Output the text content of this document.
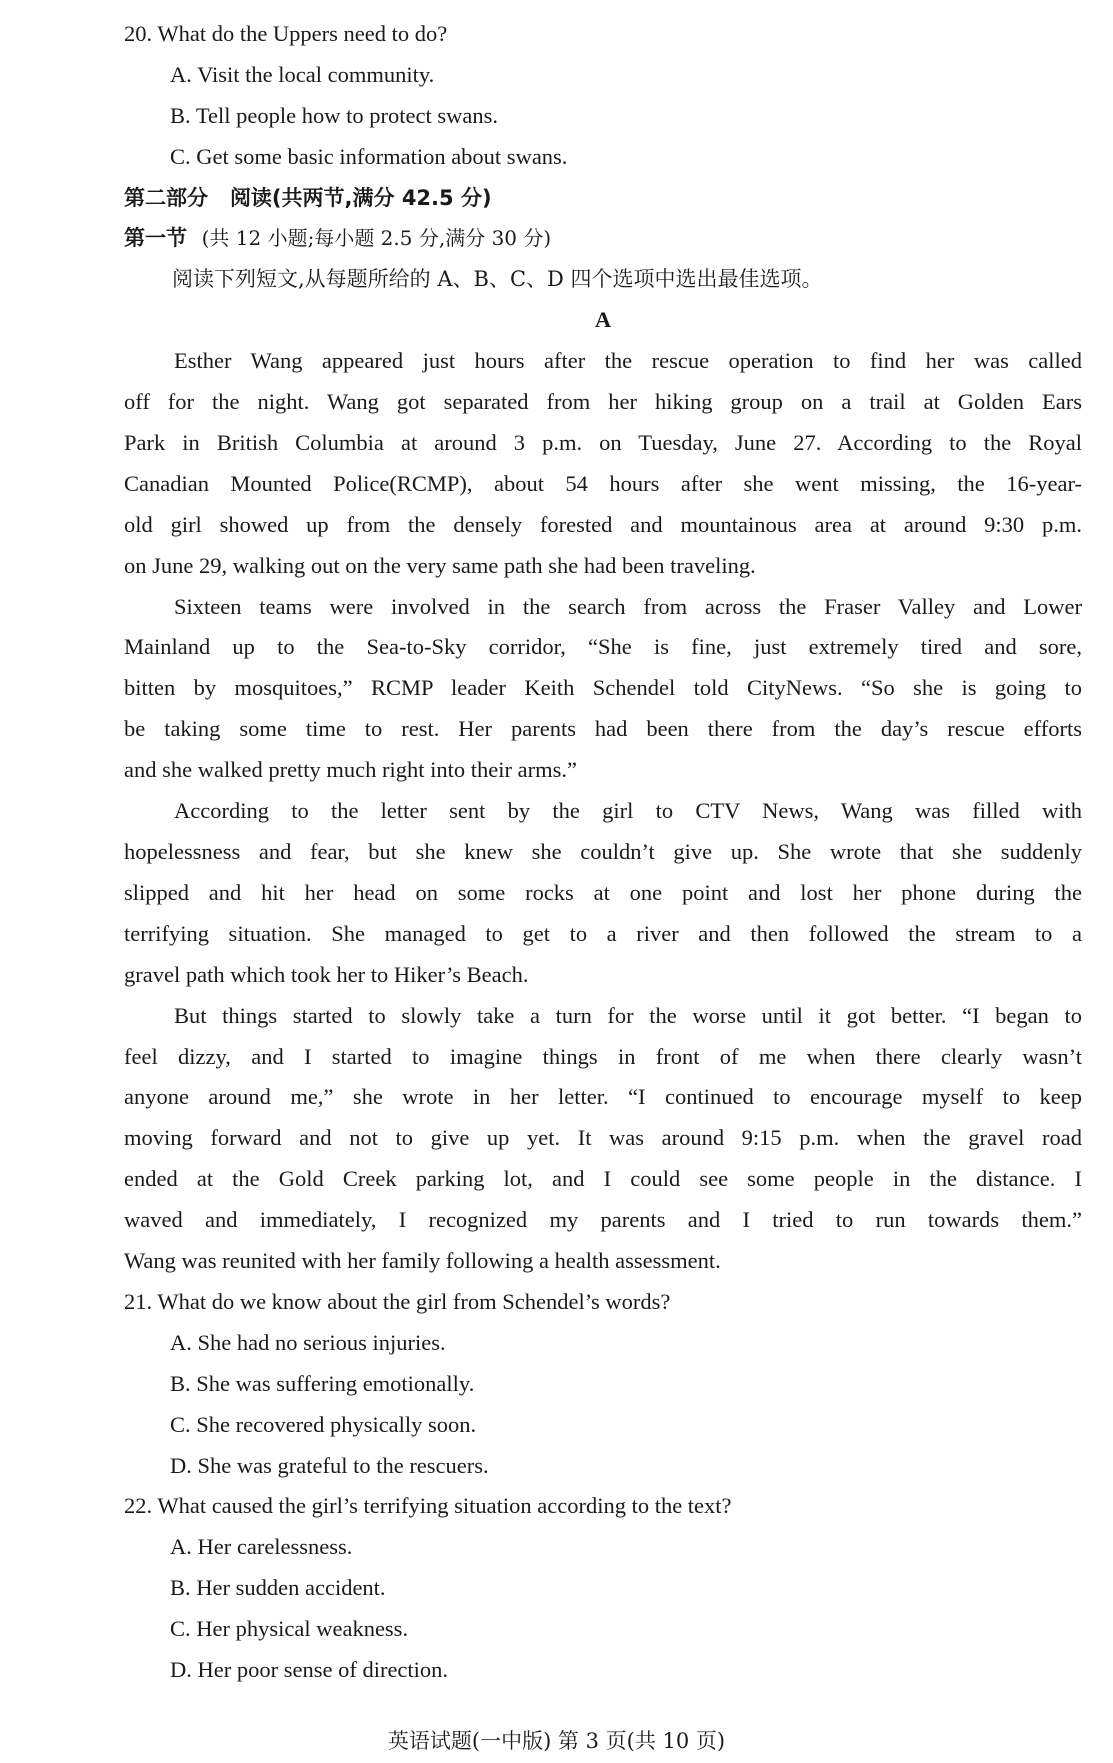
20. What do the Uppers need to do?
A. Visit the local community.
B. Tell people how to protect swans.
C. Get some basic information about swans.
第二部分 阅读(共两节,满分 42.5 分)
第一节 (共 12 小题;每小题 2.5 分,满分 30 分)
阅读下列短文,从每题所给的 A、B、C、D 四个选项中选出最佳选项。
A

Esther Wang appeared just hours after the rescue operation to find her was called

off for the night. Wang got separated from her hiking group on a trail at Golden Ears

Park in British Columbia at around 3 p.m. on Tuesday, June 27. According to the Royal

Canadian Mounted Police(RCMP), about 54 hours after she went missing, the 16-year-

old girl showed up from the densely forested and mountainous area at around 9:30 p.m.

on June 29, walking out on the very same path she had been traveling.

Sixteen teams were involved in the search from across the Fraser Valley and Lower

Mainland up to the Sea-to-Sky corridor, “She is fine, just extremely tired and sore,

bitten by mosquitoes,” RCMP leader Keith Schendel told CityNews. “So she is going to

be taking some time to rest. Her parents had been there from the day’s rescue efforts

and she walked pretty much right into their arms.”

According to the letter sent by the girl to CTV News, Wang was filled with

hopelessness and fear, but she knew she couldn’t give up. She wrote that she suddenly

slipped and hit her head on some rocks at one point and lost her phone during the

terrifying situation. She managed to get to a river and then followed the stream to a

gravel path which took her to Hiker’s Beach.

But things started to slowly take a turn for the worse until it got better. “I began to

feel dizzy, and I started to imagine things in front of me when there clearly wasn’t

anyone around me,” she wrote in her letter. “I continued to encourage myself to keep

moving forward and not to give up yet. It was around 9:15 p.m. when the gravel road

ended at the Gold Creek parking lot, and I could see some people in the distance. I

waved and immediately, I recognized my parents and I tried to run towards them.”

Wang was reunited with her family following a health assessment.

21. What do we know about the girl from Schendel’s words?
A. She had no serious injuries.
B. She was suffering emotionally.
C. She recovered physically soon.
D. She was grateful to the rescuers.
22. What caused the girl’s terrifying situation according to the text?
A. Her carelessness.
B. Her sudden accident.
C. Her physical weakness.
D. Her poor sense of direction.
英语试题(一中版) 第 3 页(共 10 页)
